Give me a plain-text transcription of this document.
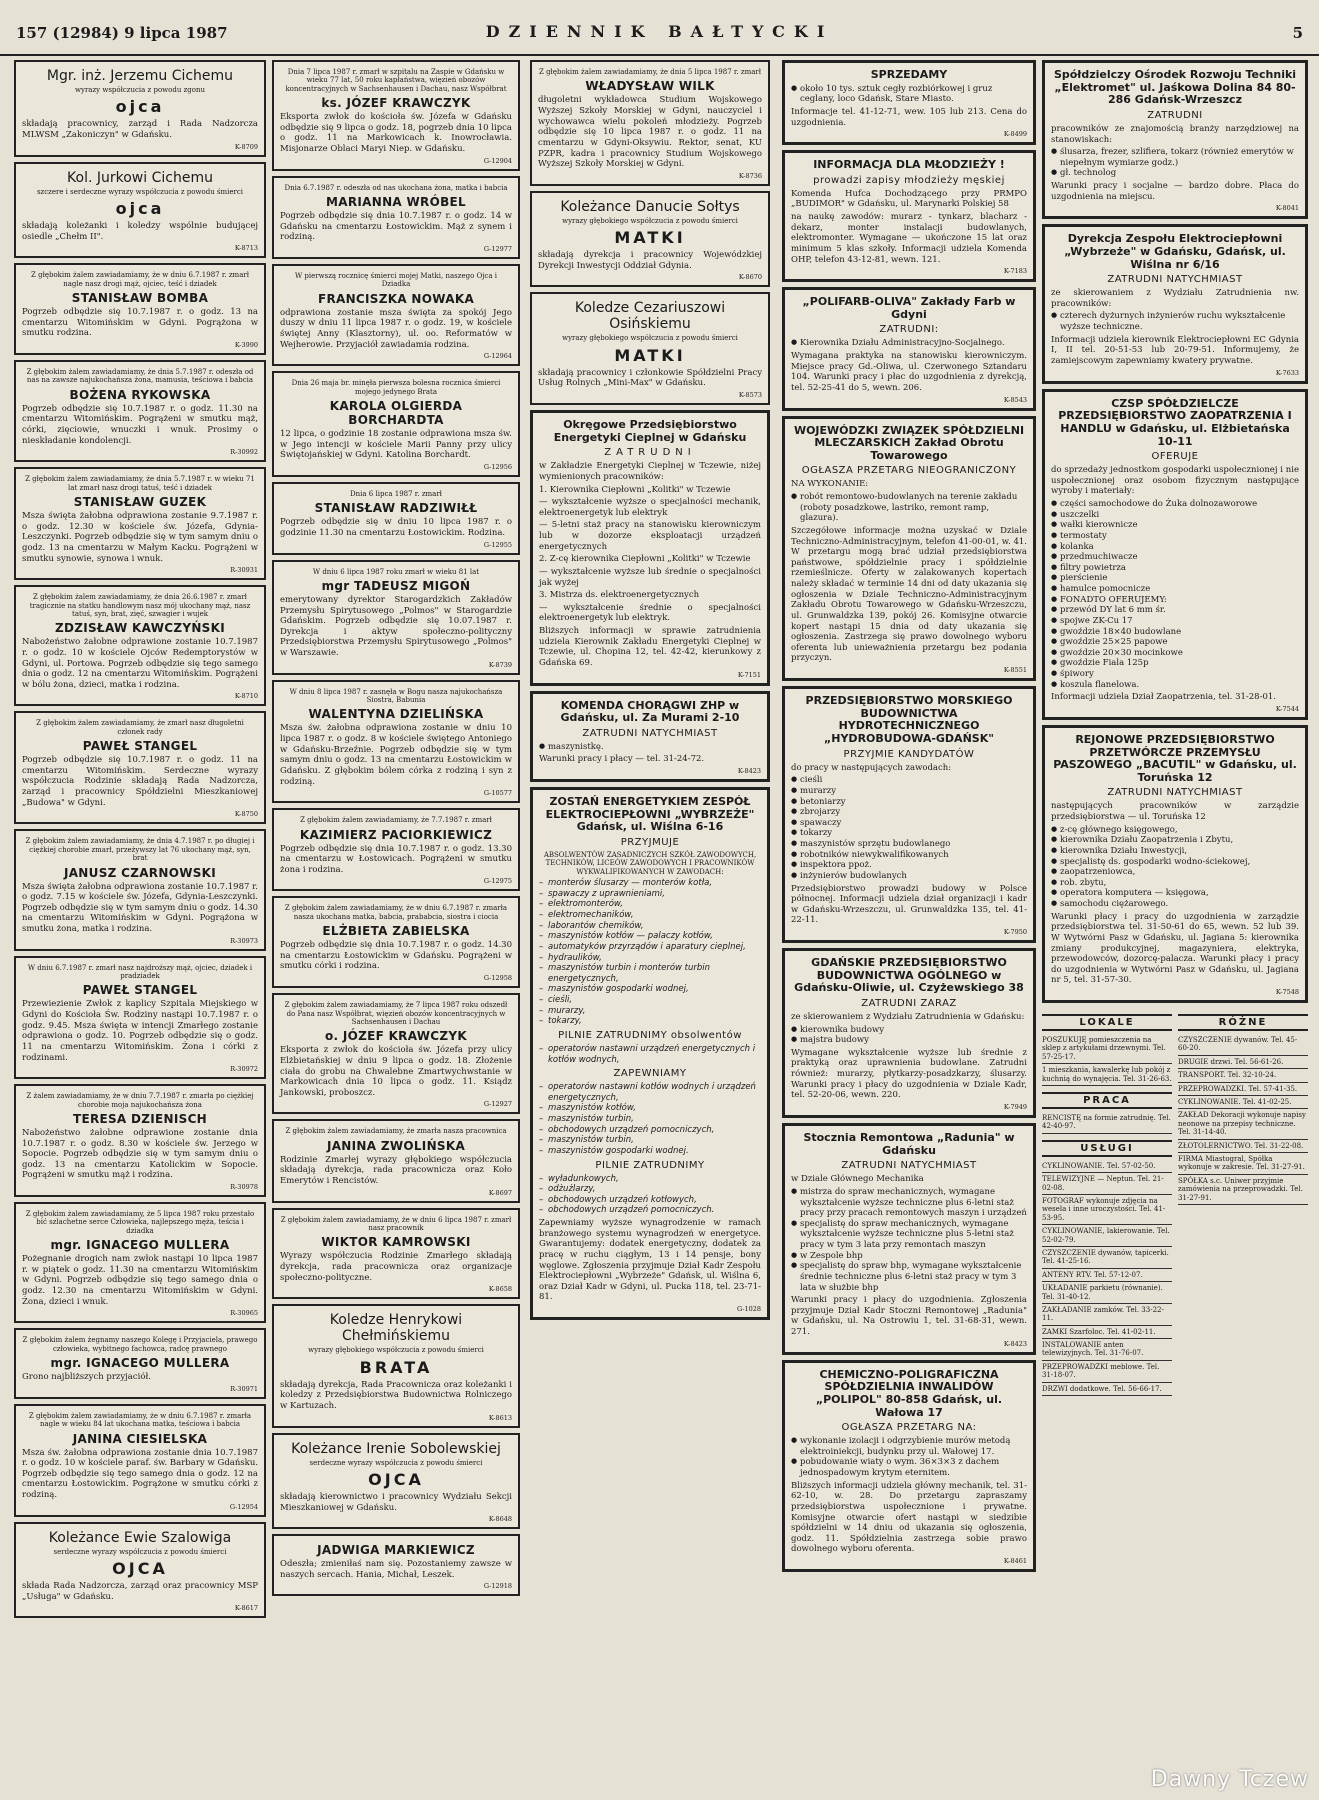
157 (12984) 9 lipca 1987	DZIENNIK BAŁTYCKI	5
Mgr. inż. Jerzemu Cichemu
wyrazy współczucia z powodu zgonu
ojca
składają pracownicy, zarząd i Rada Nadzorcza MLWSM „Zakoniczyn" w Gdańsku.
K-8709
Kol. Jurkowi Cichemu
szczere i serdeczne wyrazy współczucia z powodu śmierci
ojca
składają koleżanki i koledzy wspólnie budującej osiedle „Chełm II".
K-8713
Z głębokim żalem zawiadamiamy, że w dniu 6.7.1987 r. zmarł nagle nasz drogi mąż, ojciec, teść i dziadek
STANISŁAW BOMBA
Pogrzeb odbędzie się 10.7.1987 r. o godz. 13 na cmentarzu Witomińskim w Gdyni. Pogrążona w smutku rodzina.
K-3990
Z głębokim żalem zawiadamiamy, że dnia 5.7.1987 r. odeszła od nas na zawsze najukochańsza żona, mamusia, teściowa i babcia
BOŻENA RYKOWSKA
Pogrzeb odbędzie się 10.7.1987 r. o godz. 11.30 na cmentarzu Witomińskim. Pogrążeni w smutku mąż, córki, zięciowie, wnuczki i wnuk. Prosimy o nieskładanie kondolencji.
R-30992
Z głębokim żalem zawiadamiamy, że dnia 5.7.1987 r. w wieku 71 lat zmarł nasz drogi tatuś, teść i dziadek
STANISŁAW GUZEK
Msza święta żałobna odprawiona zostanie 9.7.1987 r. o godz. 12.30 w kościele św. Józefa, Gdynia-Leszczynki. Pogrzeb odbędzie się w tym samym dniu o godz. 13 na cmentarzu w Małym Kacku. Pogrążeni w smutku synowie, synowa i wnuk.
R-30931
Z głębokim żalem zawiadamiamy, że dnia 26.6.1987 r. zmarł tragicznie na statku handlowym nasz mój ukochany mąż, nasz tatuś, syn, brat, zięć, szwagier i wujek
ZDZISŁAW KAWCZYŃSKI
Nabożeństwo żałobne odprawione zostanie 10.7.1987 r. o godz. 10 w kościele Ojców Redemptorystów w Gdyni, ul. Portowa. Pogrzeb odbędzie się tego samego dnia o godz. 12 na cmentarzu Witomińskim. Pogrążeni w bólu żona, dzieci, matka i rodzina.
K-8710
Z głębokim żalem zawiadamiamy, że zmarł nasz długoletni członek rady
PAWEŁ STANGEL
Pogrzeb odbędzie się 10.7.1987 r. o godz. 11 na cmentarzu Witomińskim. Serdeczne wyrazy współczucia Rodzinie składają Rada Nadzorcza, zarząd i pracownicy Spółdzielni Mieszkaniowej „Budowa" w Gdyni.
K-8750
Z głębokim żalem zawiadamiamy, że dnia 4.7.1987 r. po długiej i ciężkiej chorobie zmarł, przeżywszy lat 76 ukochany mąż, syn, brat
JANUSZ CZARNOWSKI
Msza święta żałobna odprawiona zostanie 10.7.1987 r. o godz. 7.15 w kościele św. Józefa, Gdynia-Leszczynki. Pogrzeb odbędzie się w tym samym dniu o godz. 14.30 na cmentarzu Witomińskim w Gdyni. Pogrążona w smutku żona, matka i rodzina.
R-30973
W dniu 6.7.1987 r. zmarł nasz najdroższy mąż, ojciec, dziadek i pradziadek
PAWEŁ STANGEL
Przewiezienie Zwłok z kaplicy Szpitala Miejskiego w Gdyni do Kościoła Św. Rodziny nastąpi 10.7.1987 r. o godz. 9.45. Msza święta w intencji Zmarłego zostanie odprawiona o godz. 10. Pogrzeb odbędzie się o godz. 11 na cmentarzu Witomińskim. Żona i córki z rodzinami.
R-30972
Z żalem zawiadamiamy, że w dniu 7.7.1987 r. zmarła po ciężkiej chorobie moja najukochańsza żona
TERESA DZIENISCH
Nabożeństwo żałobne odprawione zostanie dnia 10.7.1987 r. o godz. 8.30 w kościele św. Jerzego w Sopocie. Pogrzeb odbędzie się w tym samym dniu o godz. 13 na cmentarzu Katolickim w Sopocie. Pogrążeni w smutku mąż i rodzina.
R-30978
Z głębokim żalem zawiadamiamy, że 5 lipca 1987 roku przestało bić szlachetne serce Człowieka, najlepszego męża, teścia i dziadka
mgr. IGNACEGO MULLERA
Pożegnanie drogich nam zwłok nastąpi 10 lipca 1987 r. w piątek o godz. 11.30 na cmentarzu Witomińskim w Gdyni. Pogrzeb odbędzie się tego samego dnia o godz. 12.30 na cmentarzu Witomińskim w Gdyni. Żona, dzieci i wnuk.
R-30965
Z głębokim żalem żegnamy naszego Kolegę i Przyjaciela, prawego człowieka, wybitnego fachowca, radcę prawnego
mgr. IGNACEGO MULLERA
Grono najbliższych przyjaciół.
R-30971
Z głębokim żalem zawiadamiamy, że w dniu 6.7.1987 r. zmarła nagle w wieku 84 lat ukochana matka, teściowa i babcia
JANINA CIESIELSKA
Msza św. żałobna odprawiona zostanie dnia 10.7.1987 r. o godz. 10 w kościele paraf. św. Barbary w Gdańsku. Pogrzeb odbędzie się tego samego dnia o godz. 12 na cmentarzu Łostowickim. Pogrążone w smutku córki z rodziną.
G-12954
Koleżance Ewie Szalowiga
serdeczne wyrazy współczucia z powodu śmierci
OJCA
składa Rada Nadzorcza, zarząd oraz pracownicy MSP „Usługa" w Gdańsku.
K-8617
Dnia 7 lipca 1987 r. zmarł w szpitalu na Zaspie w Gdańsku w wieku 77 lat, 50 roku kapłaństwa, więzień obozów koncentracyjnych w Sachsenhausen i Dachau, nasz Współbrat
ks. JÓZEF KRAWCZYK
Eksporta zwłok do kościoła św. Józefa w Gdańsku odbędzie się 9 lipca o godz. 18, pogrzeb dnia 10 lipca o godz. 11 na Markowicach k. Inowrocławia. Misjonarze Oblaci Maryi Niep. w Gdańsku.
G-12904
Dnia 6.7.1987 r. odeszła od nas ukochana żona, matka i babcia
MARIANNA WRÓBEL
Pogrzeb odbędzie się dnia 10.7.1987 r. o godz. 14 w Gdańsku na cmentarzu Łostowickim. Mąż z synem i rodziną.
G-12977
W pierwszą rocznicę śmierci mojej Matki, naszego Ojca i Dziadka
FRANCISZKA NOWAKA
odprawiona zostanie msza święta za spokój Jego duszy w dniu 11 lipca 1987 r. o godz. 19, w kościele świętej Anny (Klasztorny), ul. oo. Reformatów w Wejherowie. Przyjaciół zawiadamia rodzina.
G-12964
Dnia 26 maja br. minęła pierwsza bolesna rocznica śmierci mojego jedynego Brata
KAROLA OLGIERDA BORCHARDTA
12 lipca, o godzinie 18 zostanie odprawiona msza św. w Jego intencji w kościele Marii Panny przy ulicy Świętojańskiej w Gdyni. Katolina Borchardt.
G-12956
Dnia 6 lipca 1987 r. zmarł
STANISŁAW RADZIWIŁŁ
Pogrzeb odbędzie się w dniu 10 lipca 1987 r. o godzinie 11.30 na cmentarzu Łostowickim. Rodzina.
G-12955
W dniu 6 lipca 1987 roku zmarł w wieku 81 lat
mgr TADEUSZ MIGOŃ
emerytowany dyrektor Starogardzkich Zakładów Przemysłu Spirytusowego „Polmos" w Starogardzie Gdańskim. Pogrzeb odbędzie się 10.07.1987 r. Dyrekcja i aktyw społeczno-polityczny Przedsiębiorstwa Przemysłu Spirytusowego „Polmos" w Warszawie.
K-8739
W dniu 8 lipca 1987 r. zasnęła w Bogu nasza najukochańsza Siostra, Babunia
WALENTYNA DZIELIŃSKA
Msza św. żałobna odprawiona zostanie w dniu 10 lipca 1987 r. o godz. 8 w kościele świętego Antoniego w Gdańsku-Brzeźnie. Pogrzeb odbędzie się w tym samym dniu o godz. 13 na cmentarzu Łostowickim w Gdańsku. Z głębokim bólem córka z rodziną i syn z rodziną.
G-10577
Z głębokim żalem zawiadamiamy, że 7.7.1987 r. zmarł
KAZIMIERZ PACIORKIEWICZ
Pogrzeb odbędzie się dnia 10.7.1987 r. o godz. 13.30 na cmentarzu w Łostowicach. Pogrążeni w smutku żona i rodzina.
G-12975
Z głębokim żalem zawiadamiamy, że w dniu 6.7.1987 r. zmarła nasza ukochana matka, babcia, prababcia, siostra i ciocia
ELŻBIETA ZABIELSKA
Pogrzeb odbędzie się dnia 10.7.1987 r. o godz. 14.30 na cmentarzu Łostowickim w Gdańsku. Pogrążeni w smutku córki i rodzina.
G-12958
Z głębokim żalem zawiadamiamy, że 7 lipca 1987 roku odszedł do Pana nasz Współbrat, więzień obozów koncentracyjnych w Sachsenhausen i Dachau
o. JÓZEF KRAWCZYK
Eksporta z zwłok do kościoła św. Józefa przy ulicy Elżbietańskiej w dniu 9 lipca o godz. 18. Złożenie ciała do grobu na Chwalebne Zmartwychwstanie w Markowicach dnia 10 lipca o godz. 11. Ksiądz Jankowski, proboszcz.
G-12927
Z głębokim żalem zawiadamiamy, że zmarła nasza pracownica
JANINA ZWOLIŃSKA
Rodzinie Zmarłej wyrazy głębokiego współczucia składają dyrekcja, rada pracownicza oraz Koło Emerytów i Rencistów.
K-8697
Z głębokim żalem zawiadamiamy, że w dniu 6 lipca 1987 r. zmarł nasz pracownik
WIKTOR KAMROWSKI
Wyrazy współczucia Rodzinie Zmarłego składają dyrekcja, rada pracownicza oraz organizacje społeczno-polityczne.
K-8658
Koledze Henrykowi Chełmińskiemu
wyrazy głębokiego współczucia z powodu śmierci
BRATA
składają dyrekcja, Rada Pracownicza oraz koleżanki i koledzy z Przedsiębiorstwa Budownictwa Rolniczego w Kartuzach.
K-8613
Koleżance Irenie Sobolewskiej
serdeczne wyrazy współczucia z powodu śmierci
OJCA
składają kierownictwo i pracownicy Wydziału Sekcji Mieszkaniowej w Gdańsku.
K-8648
JADWIGA MARKIEWICZ
Odeszła; zmieniłaś nam się. Pozostaniemy zawsze w naszych sercach. Hania, Michał, Leszek.
G-12918
Z głębokim żalem zawiadamiamy, że dnia 5 lipca 1987 r. zmarł
WŁADYSŁAW WILK
długoletni wykładowca Studium Wojskowego Wyższej Szkoły Morskiej w Gdyni, nauczyciel i wychowawca wielu pokoleń młodzieży. Pogrzeb odbędzie się 10 lipca 1987 r. o godz. 11 na cmentarzu w Gdyni-Oksywiu. Rektor, senat, KU PZPR, kadra i pracownicy Studium Wojskowego Wyższej Szkoły Morskiej w Gdyni.
K-8736
Koleżance Danucie Sołtys
wyrazy głębokiego współczucia z powodu śmierci
MATKI
składają dyrekcja i pracownicy Wojewódzkiej Dyrekcji Inwestycji Oddział Gdynia.
K-8670
Koledze Cezariuszowi Osińskiemu
wyrazy głębokiego współczucia z powodu śmierci
MATKI
składają pracownicy i członkowie Spółdzielni Pracy Usług Rolnych „Mini-Max" w Gdańsku.
K-8573
Okręgowe Przedsiębiorstwo Energetyki Cieplnej w Gdańsku
ZATRUDNI
w Zakładzie Energetyki Cieplnej w Tczewie, niżej wymienionych pracowników:
1. Kierownika Ciepłowni „Kolitki" w Tczewie
— wykształcenie wyższe o specjalności mechanik, elektroenergetyk lub elektryk
— 5-letni staż pracy na stanowisku kierowniczym lub w dozorze eksploatacji urządzeń energetycznych
2. Z-cę kierownika Ciepłowni „Kolitki" w Tczewie
— wykształcenie wyższe lub średnie o specjalności jak wyżej
3. Mistrza ds. elektroenergetycznych
— wykształcenie średnie o specjalności elektroenergetyk lub elektryk.
Bliższych informacji w sprawie zatrudnienia udziela Kierownik Zakładu Energetyki Cieplnej w Tczewie, ul. Chopina 12, tel. 42-42, kierunkowy z Gdańska 69.
K-7151
KOMENDA CHORĄGWI ZHP w Gdańsku, ul. Za Murami 2-10
ZATRUDNI NATYCHMIAST
● maszynistkę.
Warunki pracy i płacy — tel. 31-24-72.
K-8423
ZOSTAŃ ENERGETYKIEM ZESPÓŁ ELEKTROCIEPŁOWNI „WYBRZEŻE" Gdańsk, ul. Wiślna 6-16
PRZYJMUJE
ABSOLWENTÓW ZASADNICZYCH SZKÓŁ ZAWODOWYCH, TECHNIKÓW, LICEÓW ZAWODOWYCH I PRACOWNIKÓW WYKWALIFIKOWANYCH W ZAWODACH:
– monterów ślusarzy — monterów kotła,
– spawaczy z uprawnieniami,
– elektromonterów,
– elektromechaników,
– laborantów chemików,
– maszynistów kotłów — palaczy kotłów,
– automatyków przyrządów i aparatury cieplnej,
– hydraulików,
– maszynistów turbin i monterów turbin energetycznych,
– maszynistów gospodarki wodnej,
– cieśli,
– murarzy,
– tokarzy,
PILNIE ZATRUDNIMY obsolwentów
– operatorów nastawni urządzeń energetycznych i kotłów wodnych,
ZAPEWNIAMY
– operatorów nastawni kotłów wodnych i urządzeń energetycznych,
– maszynistów kotłów,
– maszynistów turbin,
– obchodowych urządzeń pomocniczych,
– maszynistów turbin,
– maszynistów gospodarki wodnej.
PILNIE ZATRUDNIMY
– wyładunkowych,
– odżużlarzy,
– obchodowych urządzeń kotłowych,
– obchodowych urządzeń pomocniczych.
Zapewniamy wyższe wynagrodzenie w ramach branżowego systemu wynagrodzeń w energetyce. Gwarantujemy: dodatek energetyczny, dodatek za pracę w ruchu ciągłym, 13 i 14 pensje, bony węglowe. Zgłoszenia przyjmuje Dział Kadr Zespołu Elektrociepłowni „Wybrzeże" Gdańsk, ul. Wiślna 6, oraz Dział Kadr w Gdyni, ul. Pucka 118, tel. 23-71-81.
G-1028
SPRZEDAMY
● około 10 tys. sztuk cegły rozbiórkowej i gruz ceglany, loco Gdańsk, Stare Miasto.
Informacje tel. 41-12-71, wew. 105 lub 213. Cena do uzgodnienia.
K-8499
INFORMACJA DLA MŁODZIEŻY !
prowadzi zapisy młodzieży męskiej
Komenda Hufca Dochodzącego przy PRMPO „BUDIMOR" w Gdańsku, ul. Marynarki Polskiej 58
na naukę zawodów: murarz - tynkarz, blacharz - dekarz, monter instalacji budowlanych, elektromonter. Wymagane — ukończone 15 lat oraz minimum 5 klas szkoły. Informacji udziela Komenda OHP, telefon 43-12-81, wewn. 121.
K-7183
„POLIFARB-OLIVA" Zakłady Farb w Gdyni
ZATRUDNI:
● Kierownika Działu Administracyjno-Socjalnego.
Wymagana praktyka na stanowisku kierowniczym. Miejsce pracy Gd.-Oliwa, ul. Czerwonego Sztandaru 104. Warunki pracy i płac do uzgodnienia z dyrekcją, tel. 52-25-41 do 5, wewn. 206.
K-8543
WOJEWÓDZKI ZWIĄZEK SPÓŁDZIELNI MLECZARSKICH Zakład Obrotu Towarowego
OGŁASZA PRZETARG NIEOGRANICZONY
NA WYKONANIE:
● robót remontowo-budowlanych na terenie zakładu (roboty posadzkowe, lastriko, remont ramp, glazura).
Szczegółowe informacje można uzyskać w Dziale Techniczno-Administracyjnym, telefon 41-00-01, w. 41. W przetargu mogą brać udział przedsiębiorstwa państwowe, spółdzielnie pracy i spółdzielnie rzemieślnicze. Oferty w zalakowanych kopertach należy składać w terminie 14 dni od daty ukazania się ogłoszenia w Dziale Techniczno-Administracyjnym Zakładu Obrotu Towarowego w Gdańsku-Wrzeszczu, ul. Grunwaldzka 139, pokój 26. Komisyjne otwarcie kopert nastąpi 15 dnia od daty ukazania się ogłoszenia. Zastrzega się prawo dowolnego wyboru oferenta lub unieważnienia przetargu bez podania przyczyn.
K-8551
PRZEDSIĘBIORSTWO MORSKIEGO BUDOWNICTWA HYDROTECHNICZNEGO „HYDROBUDOWA-GDAŃSK"
PRZYJMIE KANDYDATÓW
do pracy w następujących zawodach:
● cieśli
● murarzy
● betoniarzy
● zbrojarzy
● spawaczy
● tokarzy
● maszynistów sprzętu budowlanego
● robotników niewykwalifikowanych
● inspektora ppoż.
● inżynierów budowlanych
Przedsiębiorstwo prowadzi budowy w Polsce północnej. Informacji udziela dział organizacji i kadr w Gdańsku-Wrzeszczu, ul. Grunwaldzka 135, tel. 41-22-11.
K-7950
GDAŃSKIE PRZEDSIĘBIORSTWO BUDOWNICTWA OGÓLNEGO w Gdańsku-Oliwie, ul. Czyżewskiego 38
ZATRUDNI ZARAZ
ze skierowaniem z Wydziału Zatrudnienia w Gdańsku:
● kierownika budowy
● majstra budowy
Wymagane wykształcenie wyższe lub średnie z praktyką oraz uprawnienia budowlane. Zatrudni również: murarzy, płytkarzy-posadzkarzy, ślusarzy. Warunki pracy i płacy do uzgodnienia w Dziale Kadr, tel. 52-20-06, wewn. 220.
K-7949
Stocznia Remontowa „Radunia" w Gdańsku
ZATRUDNI NATYCHMIAST
w Dziale Głównego Mechanika
● mistrza do spraw mechanicznych, wymagane wykształcenie wyższe techniczne plus 6-letni staż pracy przy pracach remontowych maszyn i urządzeń
● specjalistę do spraw mechanicznych, wymagane wykształcenie wyższe techniczne plus 5-letni staż pracy w tym 3 lata przy remontach maszyn
● w Zespole bhp
● specjalistę do spraw bhp, wymagane wykształcenie średnie techniczne plus 6-letni staż pracy w tym 3 lata w służbie bhp
Warunki pracy i płacy do uzgodnienia. Zgłoszenia przyjmuje Dział Kadr Stoczni Remontowej „Radunia" w Gdańsku, ul. Na Ostrowiu 1, tel. 31-68-31, wewn. 271.
K-8423
CHEMICZNO-POLIGRAFICZNA SPÓŁDZIELNIA INWALIDÓW „POLIPOL" 80-858 Gdańsk, ul. Wałowa 17
OGŁASZA PRZETARG NA:
● wykonanie izolacji i odgrzybienie murów metodą elektroiniekcji, budynku przy ul. Wałowej 17.
● pobudowanie wiaty o wym. 36×3×3 z dachem jednospadowym krytym eternitem.
Bliższych informacji udziela główny mechanik, tel. 31-62-10, w. 28. Do przetargu zapraszamy przedsiębiorstwa uspołecznione i prywatne. Komisyjne otwarcie ofert nastąpi w siedzibie spółdzielni w 14 dniu od ukazania się ogłoszenia, godz. 11. Spółdzielnia zastrzega sobie prawo dowolnego wyboru oferenta.
K-8461
Spółdzielczy Ośrodek Rozwoju Techniki „Elektromet" ul. Jaśkowa Dolina 84 80-286 Gdańsk-Wrzeszcz
ZATRUDNI
pracowników ze znajomością branży narzędziowej na stanowiskach:
● ślusarza, frezer, szlifiera, tokarz (również emerytów w niepełnym wymiarze godz.)
● gł. technolog
Warunki pracy i socjalne — bardzo dobre. Płaca do uzgodnienia na miejscu.
K-8041
Dyrekcja Zespołu Elektrociepłowni „Wybrzeże" w Gdańsku, Gdańsk, ul. Wiślna nr 6/16
ZATRUDNI NATYCHMIAST
ze skierowaniem z Wydziału Zatrudnienia nw. pracowników:
● czterech dyżurnych inżynierów ruchu wykształcenie wyższe techniczne.
Informacji udziela kierownik Elektrociepłowni EC Gdynia I, II tel. 20-51-53 lub 20-79-51. Informujemy, że zamiejscowym zapewniamy kwatery prywatne.
K-7633
CZSP SPÓŁDZIELCZE PRZEDSIĘBIORSTWO ZAOPATRZENIA I HANDLU w Gdańsku, ul. Elżbietańska 10-11
OFERUJE
do sprzedaży jednostkom gospodarki uspołecznionej i nie uspołecznionej oraz osobom fizycznym następujące wyroby i materiały:
● części samochodowe do Żuka dolnozaworowe
● uszczelki
● wałki kierownicze
● termostaty
● kolanka
● przedmuchiwacze
● filtry powietrza
● pierścienie
● hamulce pomocnicze
● FONADTO OFERUJEMY:
● przewód DY lat 6 mm śr.
● spojwe ZK-Cu 17
● gwoździe 18×40 budowlane
● gwoździe 25×25 papowe
● gwoździe 20×30 mocinkowe
● gwoździe Fiala 125p
● śpiwory
● koszula flanelowa.
Informacji udziela Dział Zaopatrzenia, tel. 31-28-01.
K-7544
REJONOWE PRZEDSIĘBIORSTWO PRZETWÓRCZE PRZEMYSŁU PASZOWEGO „BACUTIL" w Gdańsku, ul. Toruńska 12
ZATRUDNI NATYCHMIAST
następujących pracowników w zarządzie przedsiębiorstwa — ul. Toruńska 12
● z-cę głównego księgowego,
● kierownika Działu Zaopatrzenia i Zbytu,
● kierownika Działu Inwestycji,
● specjalistę ds. gospodarki wodno-ściekowej,
● zaopatrzeniowca,
● rob. zbytu,
● operatora komputera — księgowa,
● samochodu ciężarowego.
Warunki płacy i pracy do uzgodnienia w zarządzie przedsiębiorstwa tel. 31-50-61 do 65, wewn. 52 lub 39. W Wytwórni Pasz w Gdańsku, ul. Jagiana 5: kierownika zmiany produkcyjnej, magazyniera, elektryka, przewodowców, dozorcę-palacza. Warunki płacy i pracy do uzgodnienia w Wytwórni Pasz w Gdańsku, ul. Jagiana nr 5, tel. 31-57-30.
K-7548
LOKALE
POSZUKUJĘ pomieszczenia na sklep z artykułami drzewnymi. Tel. 57-25-17.
1 mieszkania, kawalerkę lub pokój z kuchnią do wynajęcia. Tel. 31-26-63.
PRACA
RENCISTĘ na formie zatrudnię. Tel. 42-40-97.
USŁUGI
CYKLINOWANIE. Tel. 57-02-50.
TELEWIZYJNE — Neptun. Tel. 21-02-08.
FOTOGRAF wykonuje zdjęcia na wesela i inne uroczystości. Tel. 41-53-95.
CYKLINOWANIE, lakierowanie. Tel. 52-02-79.
CZYSZCZENIE dywanów, tapicerki. Tel. 41-25-16.
ANTENY RTV. Tel. 57-12-07.
UKŁADANIE parkietu (równanie). Tel. 31-40-12.
ZAKŁADANIE zamków. Tel. 33-22-11.
ZAMKI Szarfoloc. Tel. 41-02-11.
INSTALOWANIE anten telewizyjnych. Tel. 31-76-07.
PRZEPROWADZKI meblowe. Tel. 31-18-07.
DRZWI dodatkowe. Tel. 56-66-17.
RÓŻNE
CZYSZCZENIE dywanów. Tel. 45-60-20.
DRUGIE drzwi. Tel. 56-61-26.
TRANSPORT. Tel. 32-10-24.
PRZEPROWADZKI. Tel. 57-41-35.
CYKLINOWANIE. Tel. 41-02-25.
ZAKŁAD Dekoracji wykonuje napisy neonowe na przepisy techniczne. Tel. 31-14-40.
ZŁOTOLERNICTWO. Tel. 31-22-08.
FIRMA Miastogral, Spółka wykonuje w zakresie. Tel. 31-27-91.
SPÓŁKA s.c. Uniwer przyjmie zamówienia na przeprowadzki. Tel. 31-27-91.
Dawny Tczew
